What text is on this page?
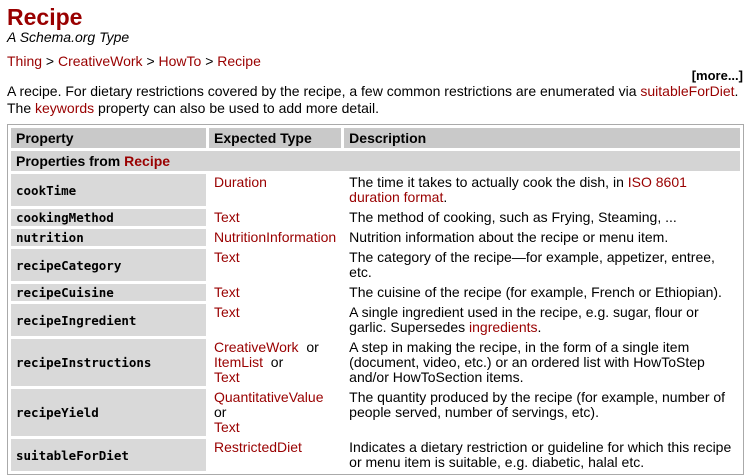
Recipe
A Schema.org Type
Thing > CreativeWork > HowTo > Recipe
[more...]
A recipe. For dietary restrictions covered by the recipe, a few common restrictions are enumerated via suitableForDiet. The keywords property can also be used to add more detail.
Property	Expected Type	Description
Properties from Recipe		
cookTime	Duration	The time it takes to actually cook the dish, in ISO 8601 duration format.
cookingMethod	Text	The method of cooking, such as Frying, Steaming, ...
nutrition	NutritionInformation	Nutrition information about the recipe or menu item.
recipeCategory	Text	The category of the recipe—for example, appetizer, entree, etc.
recipeCuisine	Text	The cuisine of the recipe (for example, French or Ethiopian).
recipeIngredient	Text	A single ingredient used in the recipe, e.g. sugar, flour or garlic. Supersedes ingredients.
recipeInstructions	CreativeWork or
ItemList or
Text	A step in making the recipe, in the form of a single item (document, video, etc.) or an ordered list with HowToStep and/or HowToSection items.
recipeYield	QuantitativeValue
or
Text	The quantity produced by the recipe (for example, number of people served, number of servings, etc).
suitableForDiet	RestrictedDiet	Indicates a dietary restriction or guideline for which this recipe or menu item is suitable, e.g. diabetic, halal etc.
